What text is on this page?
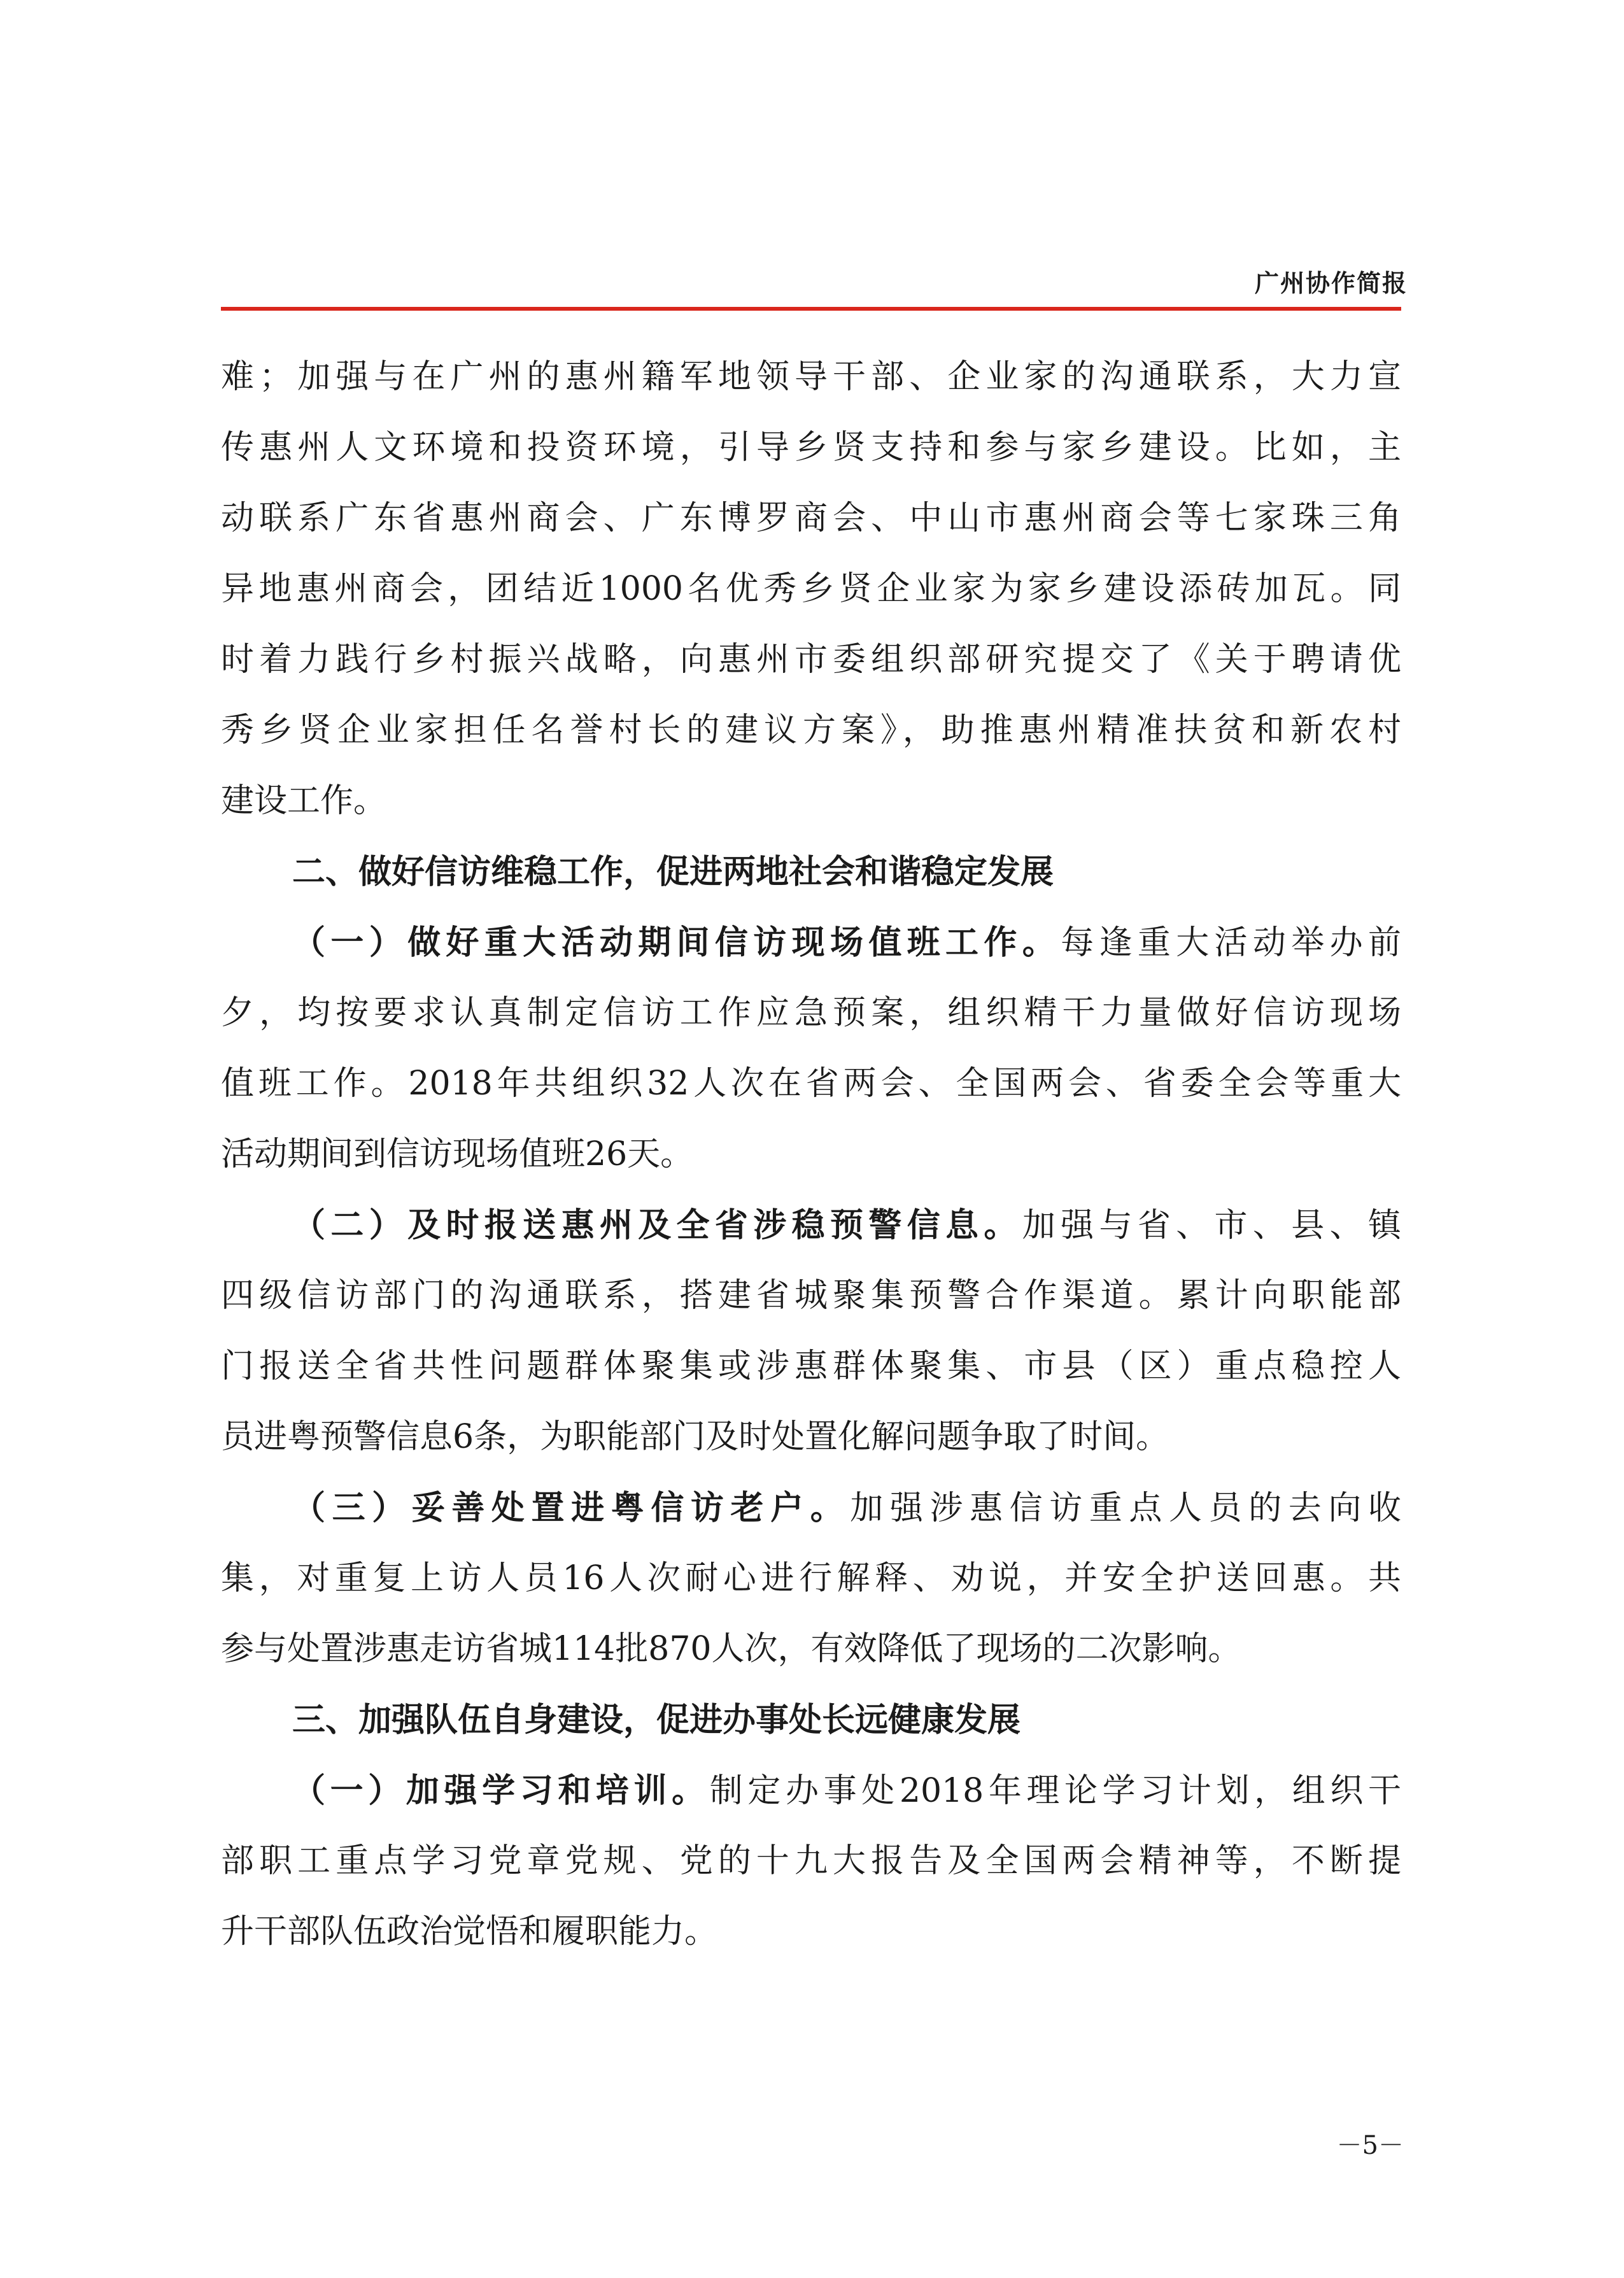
广州协作简报
难；加强与在广州的惠州籍军地领导干部、企业家的沟通联系，大力宣
传惠州人文环境和投资环境，引导乡贤支持和参与家乡建设。比如，主
动联系广东省惠州商会、广东博罗商会、中山市惠州商会等七家珠三角
异地惠州商会，团结近1000名优秀乡贤企业家为家乡建设添砖加瓦。同
时着力践行乡村振兴战略，向惠州市委组织部研究提交了《关于聘请优
秀乡贤企业家担任名誉村长的建议方案》，助推惠州精准扶贫和新农村
建设工作。
二、做好信访维稳工作，促进两地社会和谐稳定发展
（一）做好重大活动期间信访现场值班工作。每逢重大活动举办前
夕，均按要求认真制定信访工作应急预案，组织精干力量做好信访现场
值班工作。2018年共组织32人次在省两会、全国两会、省委全会等重大
活动期间到信访现场值班26天。
（二）及时报送惠州及全省涉稳预警信息。加强与省、市、县、镇
四级信访部门的沟通联系，搭建省城聚集预警合作渠道。累计向职能部
门报送全省共性问题群体聚集或涉惠群体聚集、市县（区）重点稳控人
员进粤预警信息6条，为职能部门及时处置化解问题争取了时间。
（三）妥善处置进粤信访老户。加强涉惠信访重点人员的去向收
集，对重复上访人员16人次耐心进行解释、劝说，并安全护送回惠。共
参与处置涉惠走访省城114批870人次，有效降低了现场的二次影响。
三、加强队伍自身建设，促进办事处长远健康发展
（一）加强学习和培训。制定办事处2018年理论学习计划，组织干
部职工重点学习党章党规、党的十九大报告及全国两会精神等，不断提
升干部队伍政治觉悟和履职能力。
－5－
